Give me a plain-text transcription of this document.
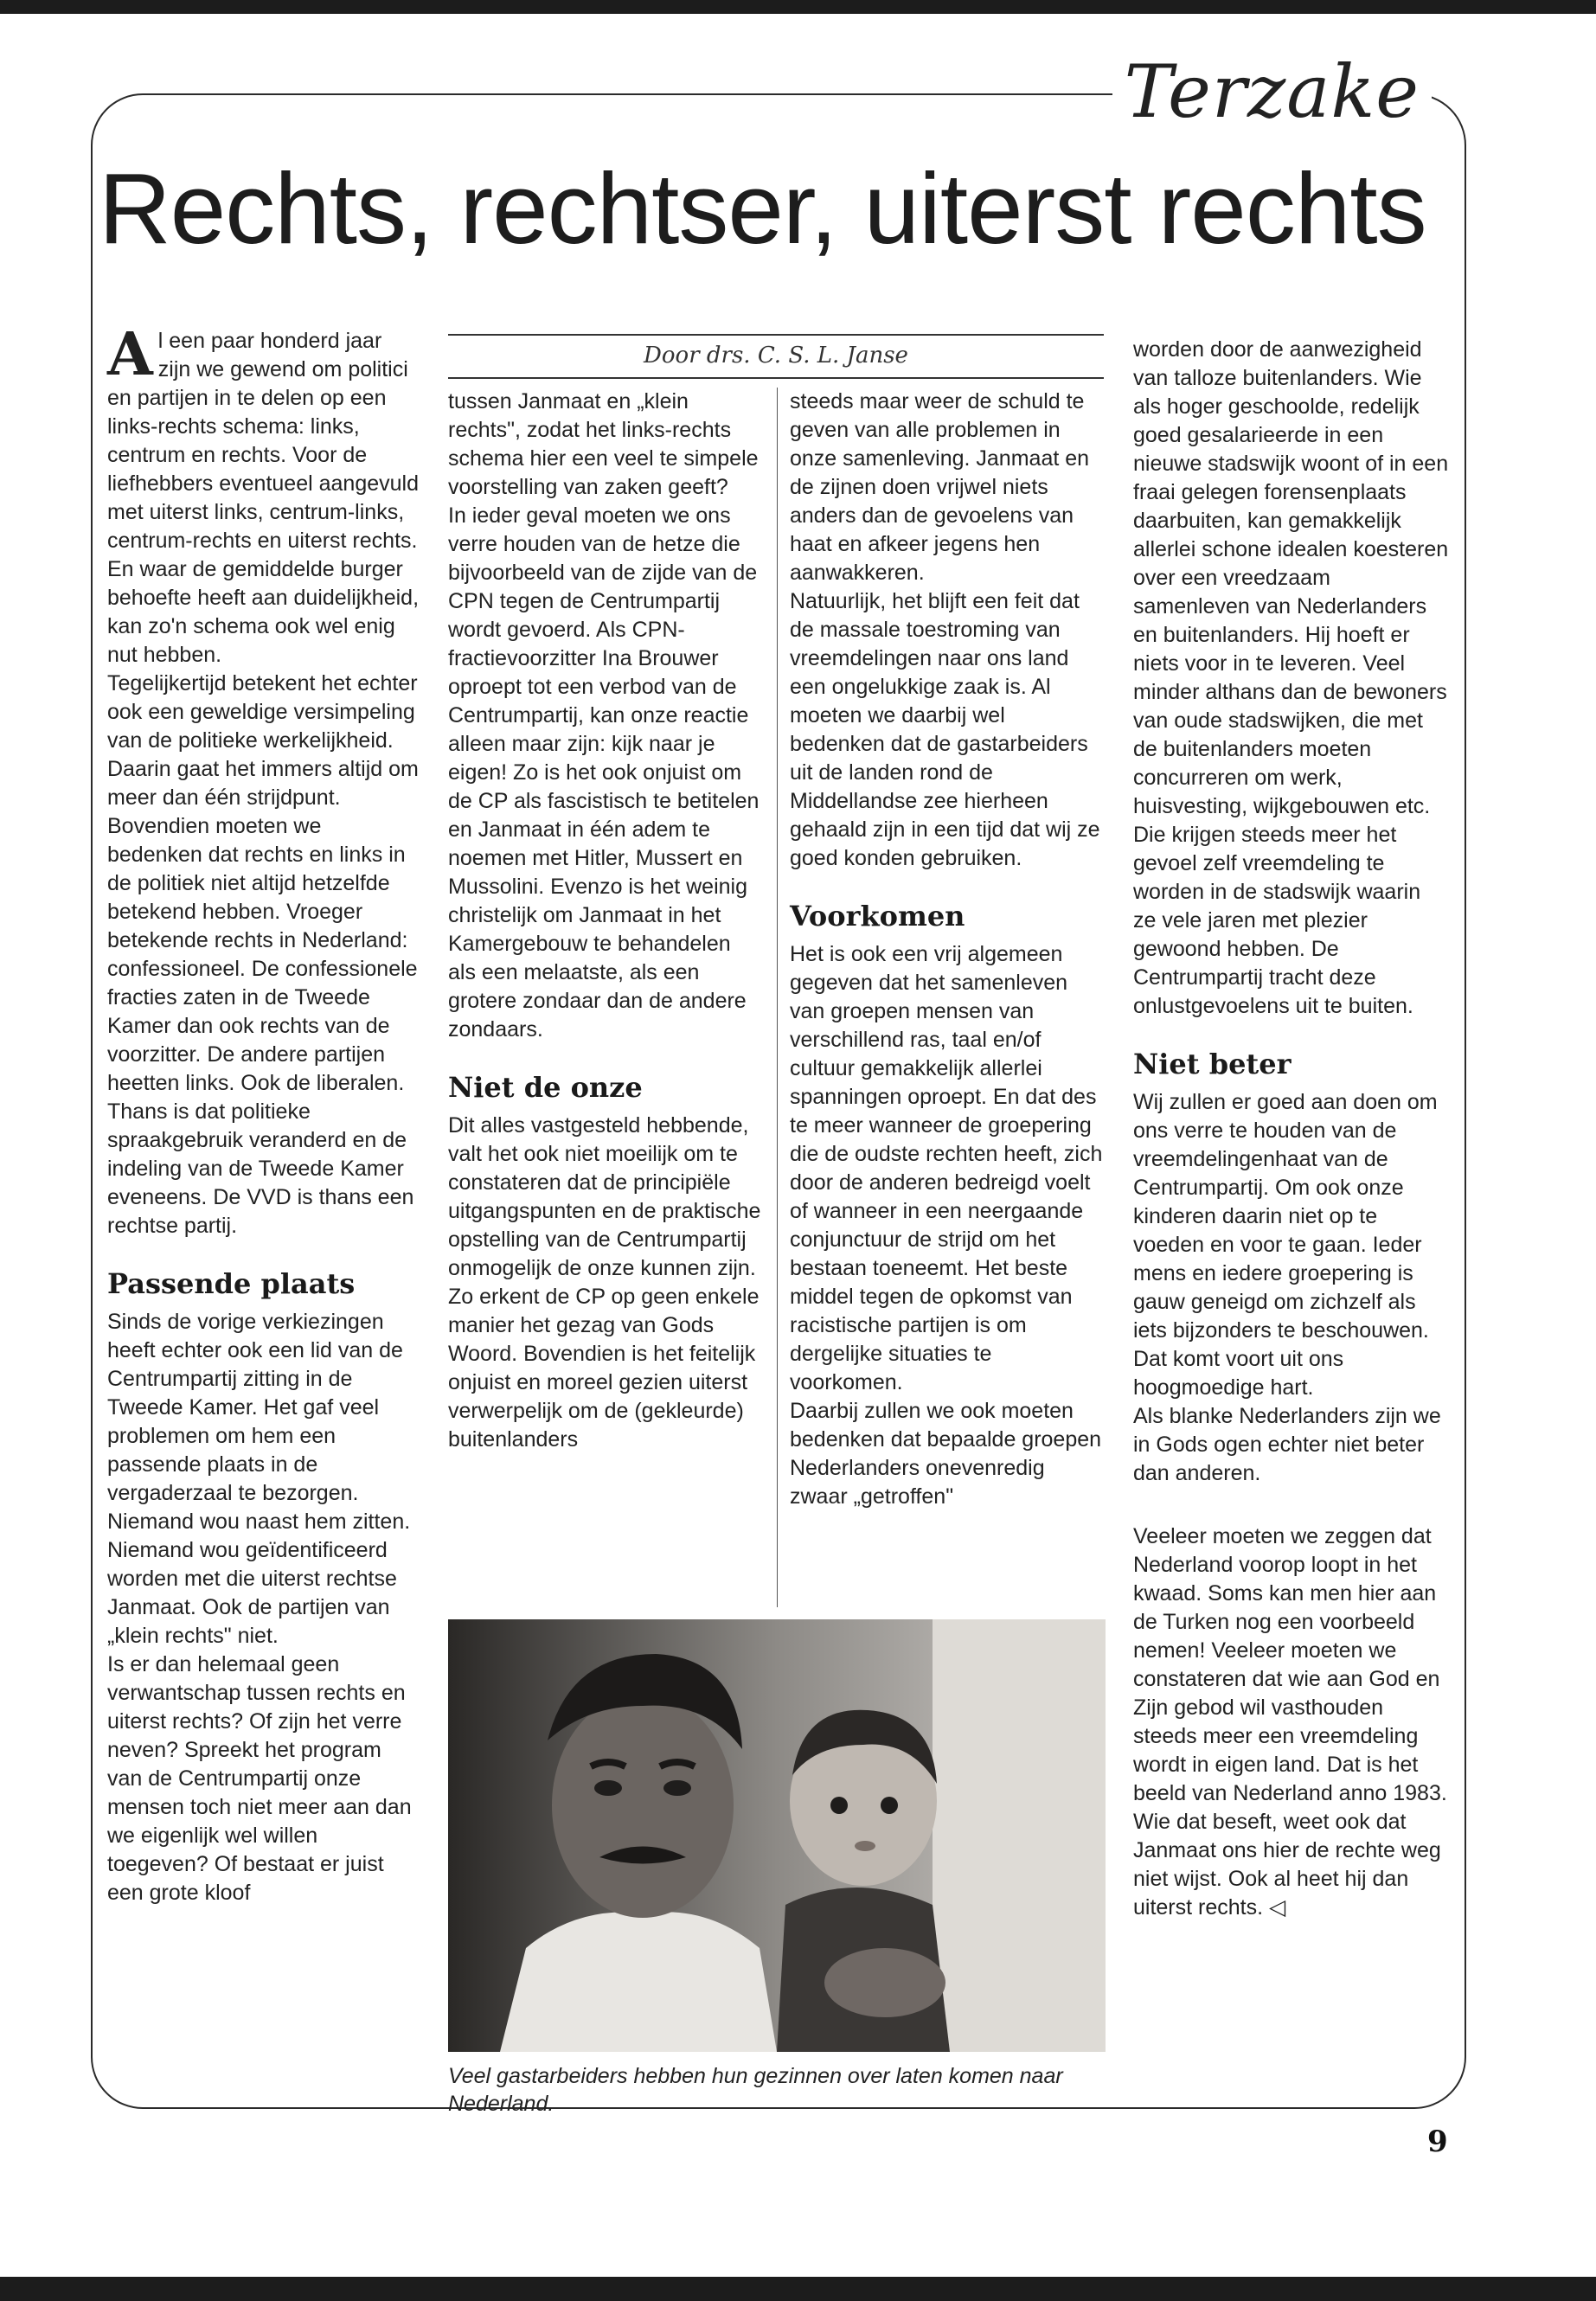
Terzake
Rechts, rechtser, uiterst rechts

Al een paar honderd jaar zijn we gewend om politici en partijen in te delen op een links-rechts schema: links, centrum en rechts. Voor de liefhebbers eventueel aangevuld met uiterst links, centrum-links, centrum-rechts en uiterst rechts. En waar de gemiddelde burger behoefte heeft aan duidelijkheid, kan zo'n schema ook wel enig nut hebben.

Tegelijkertijd betekent het echter ook een geweldige versimpeling van de politieke werkelijkheid. Daarin gaat het immers altijd om meer dan één strijdpunt. Bovendien moeten we bedenken dat rechts en links in de politiek niet altijd hetzelfde betekend hebben. Vroeger betekende rechts in Nederland: confessioneel. De confessionele fracties zaten in de Tweede Kamer dan ook rechts van de voorzitter. De andere partijen heetten links. Ook de liberalen. Thans is dat politieke spraakgebruik veranderd en de indeling van de Tweede Kamer eveneens. De VVD is thans een rechtse partij.

Passende plaats

Sinds de vorige verkiezingen heeft echter ook een lid van de Centrumpartij zitting in de Tweede Kamer. Het gaf veel problemen om hem een passende plaats in de vergaderzaal te bezorgen. Niemand wou naast hem zitten. Niemand wou geïdentificeerd worden met die uiterst rechtse Janmaat. Ook de partijen van „klein rechts" niet.

Is er dan helemaal geen verwantschap tussen rechts en uiterst rechts? Of zijn het verre neven? Spreekt het program van de Centrumpartij onze mensen toch niet meer aan dan we eigenlijk wel willen toegeven? Of bestaat er juist een grote kloof

Door drs. C. S. L. Janse

tussen Janmaat en „klein rechts", zodat het links-rechts schema hier een veel te simpele voorstelling van zaken geeft?

In ieder geval moeten we ons verre houden van de hetze die bijvoorbeeld van de zijde van de CPN tegen de Centrumpartij wordt gevoerd. Als CPN-fractievoorzitter Ina Brouwer oproept tot een verbod van de Centrumpartij, kan onze reactie alleen maar zijn: kijk naar je eigen! Zo is het ook onjuist om de CP als fascistisch te betitelen en Janmaat in één adem te noemen met Hitler, Mussert en Mussolini. Evenzo is het weinig christelijk om Janmaat in het Kamergebouw te behandelen als een melaatste, als een grotere zondaar dan de andere zondaars.

Niet de onze

Dit alles vastgesteld hebbende, valt het ook niet moeilijk om te constateren dat de principiële uitgangspunten en de praktische opstelling van de Centrumpartij onmogelijk de onze kunnen zijn. Zo erkent de CP op geen enkele manier het gezag van Gods Woord. Bovendien is het feitelijk onjuist en moreel gezien uiterst verwerpelijk om de (gekleurde) buitenlanders

steeds maar weer de schuld te geven van alle problemen in onze samenleving. Janmaat en de zijnen doen vrijwel niets anders dan de gevoelens van haat en afkeer jegens hen aanwakkeren.

Natuurlijk, het blijft een feit dat de massale toestroming van vreemdelingen naar ons land een ongelukkige zaak is. Al moeten we daarbij wel bedenken dat de gastarbeiders uit de landen rond de Middellandse zee hierheen gehaald zijn in een tijd dat wij ze goed konden gebruiken.

Voorkomen

Het is ook een vrij algemeen gegeven dat het samenleven van groepen mensen van verschillend ras, taal en/of cultuur gemakkelijk allerlei spanningen oproept. En dat des te meer wanneer de groepering die de oudste rechten heeft, zich door de anderen bedreigd voelt of wanneer in een neergaande conjunctuur de strijd om het bestaan toeneemt. Het beste middel tegen de opkomst van racistische partijen is om dergelijke situaties te voorkomen.

Daarbij zullen we ook moeten bedenken dat bepaalde groepen Nederlanders onevenredig zwaar „getroffen"

worden door de aanwezigheid van talloze buitenlanders. Wie als hoger geschoolde, redelijk goed gesalarieerde in een nieuwe stadswijk woont of in een fraai gelegen forensenplaats daarbuiten, kan gemakkelijk allerlei schone idealen koesteren over een vreedzaam samenleven van Nederlanders en buitenlanders. Hij hoeft er niets voor in te leveren. Veel minder althans dan de bewoners van oude stadswijken, die met de buitenlanders moeten concurreren om werk, huisvesting, wijkgebouwen etc. Die krijgen steeds meer het gevoel zelf vreemdeling te worden in de stadswijk waarin ze vele jaren met plezier gewoond hebben. De Centrumpartij tracht deze onlustgevoelens uit te buiten.

Niet beter

Wij zullen er goed aan doen om ons verre te houden van de vreemdelingenhaat van de Centrumpartij. Om ook onze kinderen daarin niet op te voeden en voor te gaan. Ieder mens en iedere groepering is gauw geneigd om zichzelf als iets bijzonders te beschouwen.

Dat komt voort uit ons hoogmoedige hart.

Als blanke Nederlanders zijn we in Gods ogen echter niet beter dan anderen.

Veeleer moeten we zeggen dat Nederland voorop loopt in het kwaad. Soms kan men hier aan de Turken nog een voorbeeld nemen! Veeleer moeten we constateren dat wie aan God en Zijn gebod wil vasthouden steeds meer een vreemdeling wordt in eigen land. Dat is het beeld van Nederland anno 1983. Wie dat beseft, weet ook dat Janmaat ons hier de rechte weg niet wijst. Ook al heet hij dan uiterst rechts. ◁

Veel gastarbeiders hebben hun gezinnen over laten komen naar Nederland.
9
